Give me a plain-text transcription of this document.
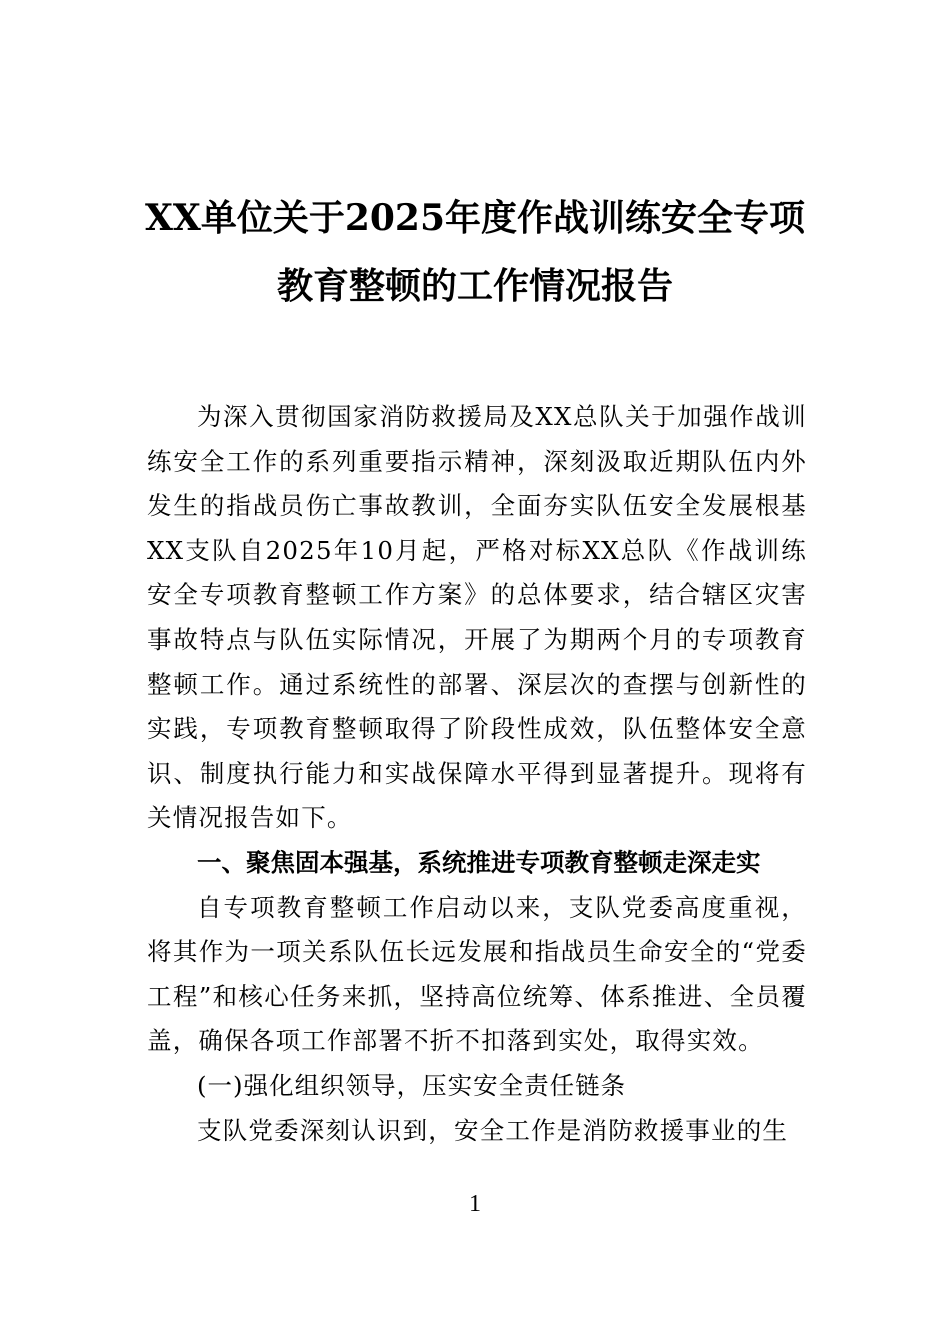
XX单位关于2025年度作战训练安全专项
教育整顿的工作情况报告

为深入贯彻国家消防救援局及XX总队关于加强作战训练安全工作的系列重要指示精神，深刻汲取近期队伍内外发生的指战员伤亡事故教训，全面夯实队伍安全发展根基XX支队自2025年10月起，严格对标XX总队《作战训练安全专项教育整顿工作方案》的总体要求，结合辖区灾害事故特点与队伍实际情况，开展了为期两个月的专项教育整顿工作。通过系统性的部署、深层次的查摆与创新性的实践，专项教育整顿取得了阶段性成效，队伍整体安全意识、制度执行能力和实战保障水平得到显著提升。现将有关情况报告如下。

一、聚焦固本强基，系统推进专项教育整顿走深走实

自专项教育整顿工作启动以来，支队党委高度重视，将其作为一项关系队伍长远发展和指战员生命安全的“党委工程”和核心任务来抓，坚持高位统筹、体系推进、全员覆盖，确保各项工作部署不折不扣落到实处，取得实效。

(一)强化组织领导，压实安全责任链条

支队党委深刻认识到，安全工作是消防救援事业的生

1
